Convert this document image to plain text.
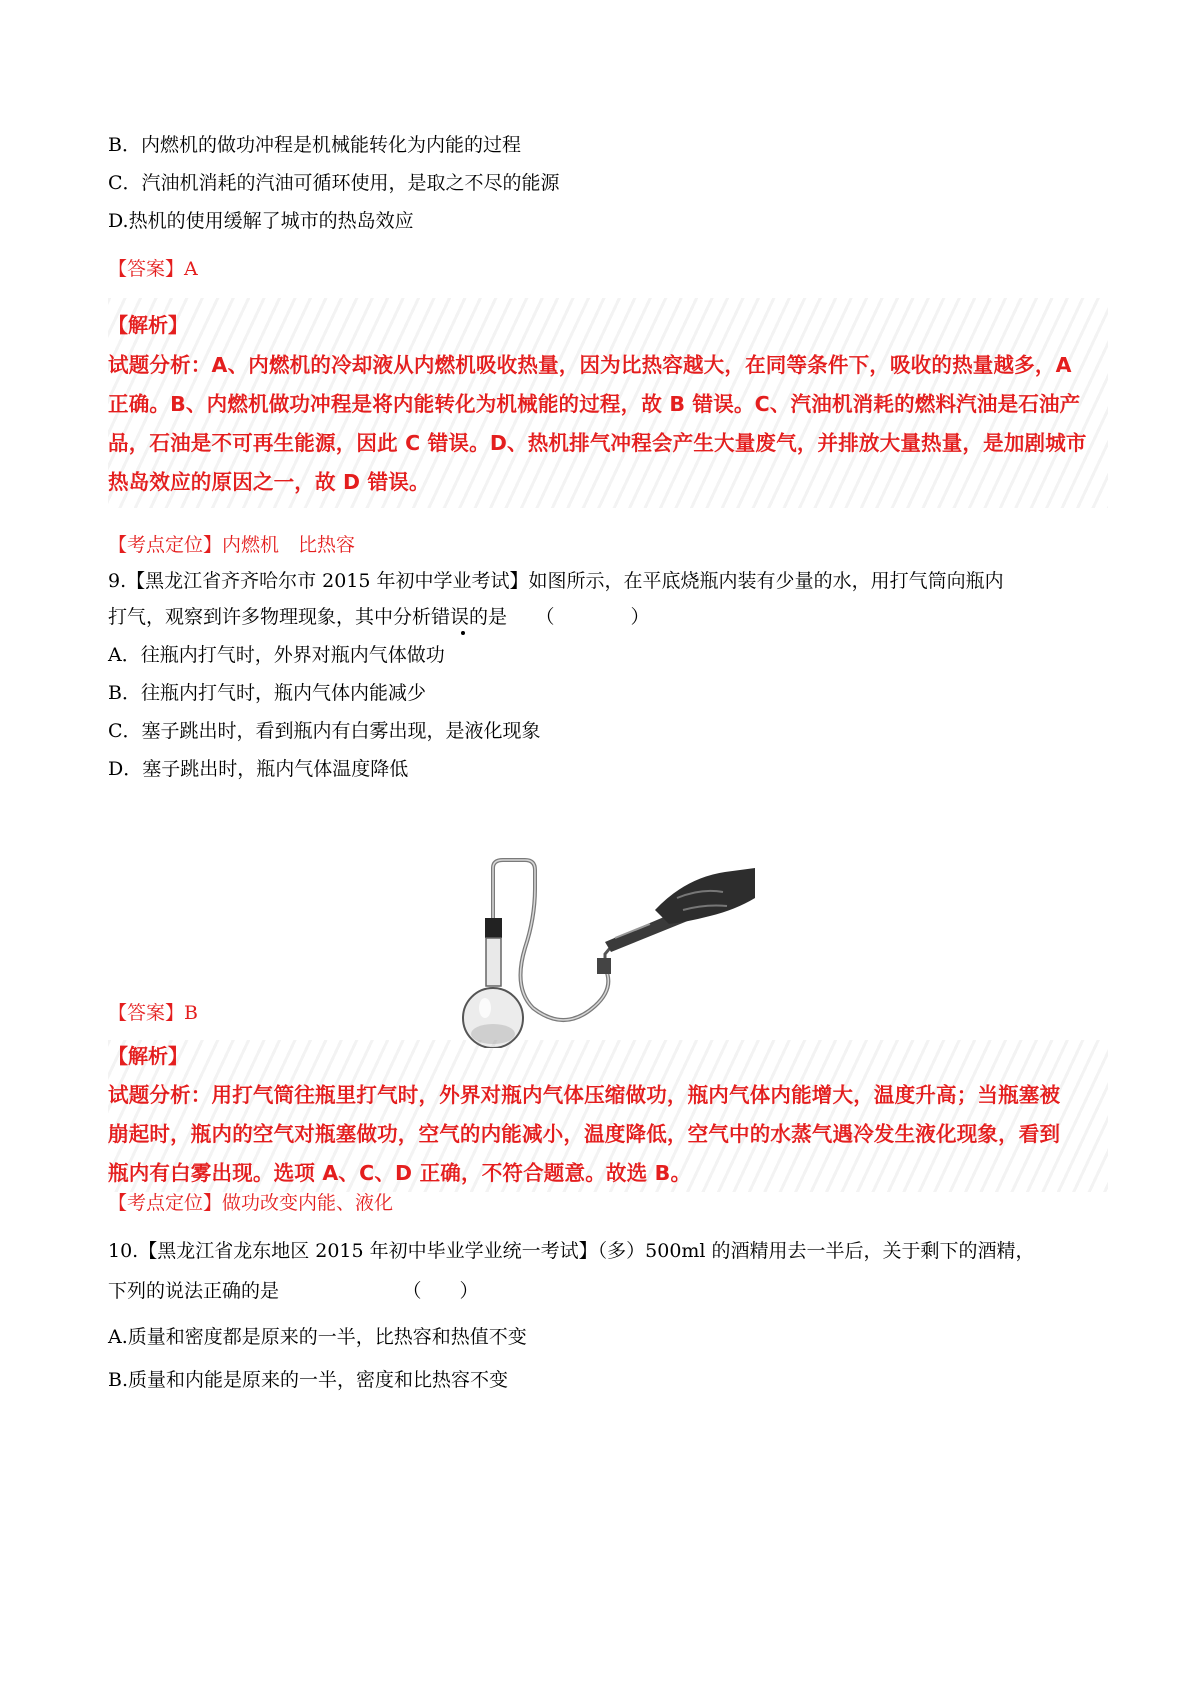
B．内燃机的做功冲程是机械能转化为内能的过程
C．汽油机消耗的汽油可循环使用，是取之不尽的能源
D.热机的使用缓解了城市的热岛效应
【答案】A
【解析】
试题分析：A、内燃机的冷却液从内燃机吸收热量，因为比热容越大，在同等条件下，吸收的热量越多，A
正确。B、内燃机做功冲程是将内能转化为机械能的过程，故 B 错误。C、汽油机消耗的燃料汽油是石油产
品，石油是不可再生能源，因此 C 错误。D、热机排气冲程会产生大量废气，并排放大量热量，是加剧城市
热岛效应的原因之一，故 D 错误。
【考点定位】内燃机　比热容
9.【黑龙江省齐齐哈尔市 2015 年初中学业考试】如图所示，在平底烧瓶内装有少量的水，用打气筒向瓶内
打气，观察到许多物理现象，其中分析错误的是　　（　　　　）
A．往瓶内打气时，外界对瓶内气体做功
B．往瓶内打气时，瓶内气体内能减少
C．塞子跳出时，看到瓶内有白雾出现，是液化现象
D．塞子跳出时，瓶内气体温度降低
【答案】B
【解析】
试题分析：用打气筒往瓶里打气时，外界对瓶内气体压缩做功，瓶内气体内能增大，温度升高；当瓶塞被
崩起时，瓶内的空气对瓶塞做功，空气的内能减小，温度降低，空气中的水蒸气遇冷发生液化现象，看到
瓶内有白雾出现。选项 A、C、D 正确，不符合题意。故选 B。
【考点定位】做功改变内能、液化
10.【黑龙江省龙东地区 2015 年初中毕业学业统一考试】（多）500ml 的酒精用去一半后，关于剩下的酒精，
下列的说法正确的是　　　　　　　（　　）
A.质量和密度都是原来的一半，比热容和热值不变
B.质量和内能是原来的一半，密度和比热容不变
